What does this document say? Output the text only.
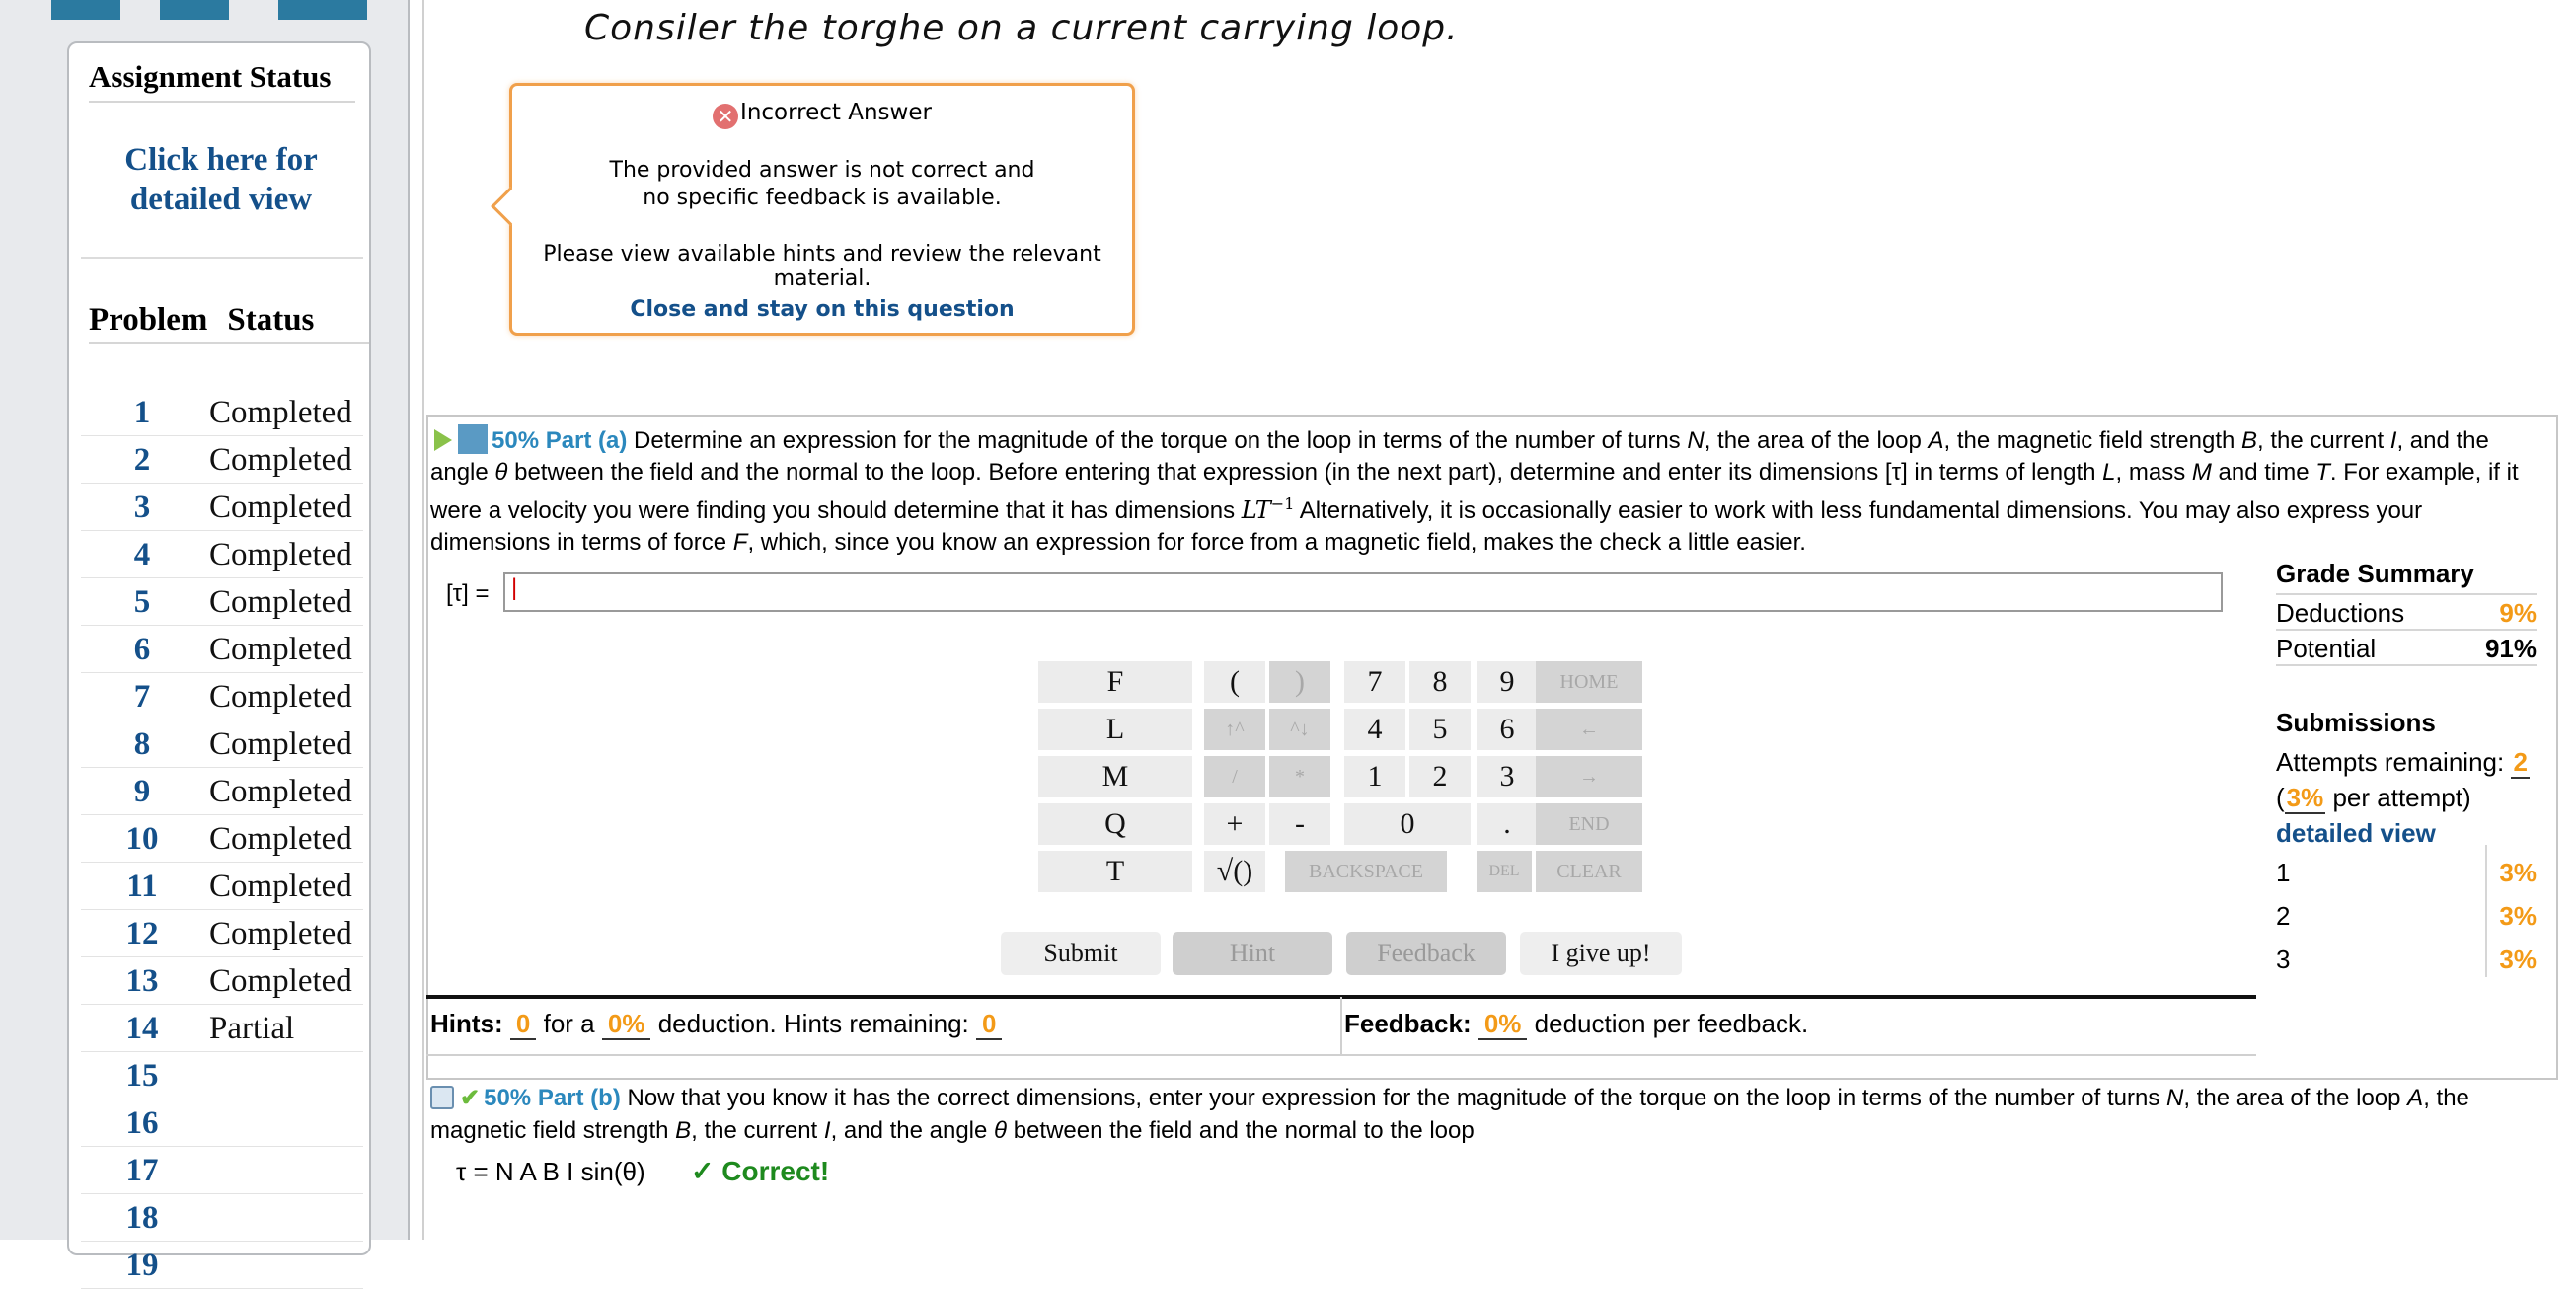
Assignment Status
Click here for detailed view
Problem Status
1	Completed
2	Completed
3	Completed
4	Completed
5	Completed
6	Completed
7	Completed
8	Completed
9	Completed
10	Completed
11	Completed
12	Completed
13	Completed
14	Partial
15
16
17
18
19
Consiler the torghe on a current carrying loop.
✕ Incorrect Answer
The provided answer is not correct and
no specific feedback is available.
Please view available hints and review the relevant material.
Close and stay on this question
50% Part (a) Determine an expression for the magnitude of the torque on the loop in terms of the number of turns N, the area of the loop A, the magnetic field strength B, the current I, and the angle θ between the field and the normal to the loop. Before entering that expression (in the next part), determine and enter its dimensions [τ] in terms of length L, mass M and time T. For example, if it were a velocity you were finding you should determine that it has dimensions $LT^{-1}$ Alternatively, it is occasionally easier to work with less fundamental dimensions. You may also express your dimensions in terms of force F, which, since you know an expression for force from a magnetic field, makes the check a little easier.
[τ] = |
F
L
M
Q
T
(	)
↑^	^↓
/	*
+	-
√()	BACKSPACE
7	8	9
4	5	6
1	2	3
0	.
DEL
HOME
←
→
END
CLEAR
Submit	Hint	Feedback	I give up!
Hints: 0 for a 0% deduction. Hints remaining: 0	Feedback: 0% deduction per feedback.
Grade Summary
Deductions	9%
Potential	91%
Submissions
Attempts remaining: 2
(3% per attempt)
detailed view
1	3%
2	3%
3	3%
✔ 50% Part (b) Now that you know it has the correct dimensions, enter your expression for the magnitude of the torque on the loop in terms of the number of turns N, the area of the loop A, the magnetic field strength B, the current I, and the angle θ between the field and the normal to the loop
τ = N A B I sin(θ) ✓ Correct!
